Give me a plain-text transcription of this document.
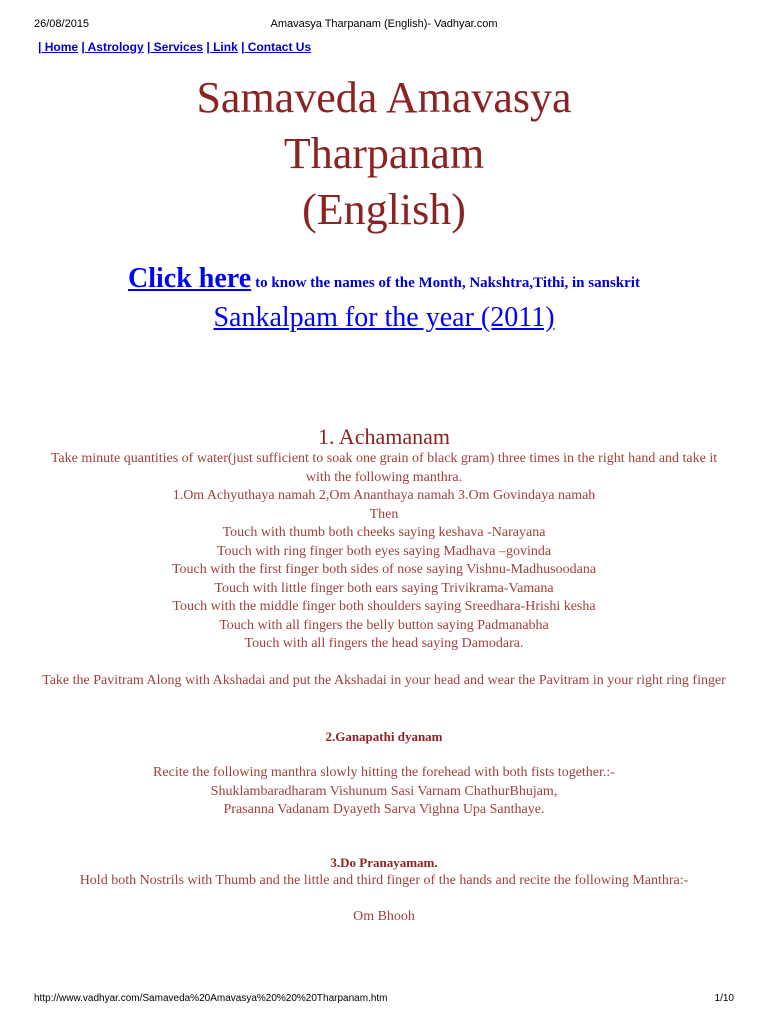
26/08/2015	Amavasya Tharpanam (English)- Vadhyar.com
| Home | Astrology | Services | Link | Contact Us
Samaveda Amavasya
Tharpanam
(English)
Click here to know the names of the Month, Nakshtra,Tithi, in sanskrit
Sankalpam for the year (2011)
1. Achamanam

Take minute quantities of water(just sufficient to soak one grain of black gram) three times in the right hand and take it with the following manthra.

1.Om Achyuthaya namah 2,Om Ananthaya namah 3.Om Govindaya namah
Then
Touch with thumb both cheeks saying keshava -Narayana
Touch with ring finger both eyes saying Madhava –govinda
Touch with the first finger both sides of nose saying Vishnu-Madhusoodana
Touch with little finger both ears saying Trivikrama-Vamana
Touch with the middle finger both shoulders saying Sreedhara-Hrishi kesha
Touch with all fingers the belly button saying Padmanabha
Touch with all fingers the head saying Damodara.

Take the Pavitram Along with Akshadai and put the Akshadai in your head and wear the Pavitram in your right ring finger

2.Ganapathi dyanam
Recite the following manthra slowly hitting the forehead with both fists together.:-
Shuklambaradharam Vishunum Sasi Varnam ChathurBhujam,
Prasanna Vadanam Dyayeth Sarva Vighna Upa Santhaye.
3.Do Pranayamam.

Hold both Nostrils with Thumb and the little and third finger of the hands and recite the following Manthra:-

Om Bhooh
http://www.vadhyar.com/Samaveda%20Amavasya%20%20%20Tharpanam.htm	1/10
